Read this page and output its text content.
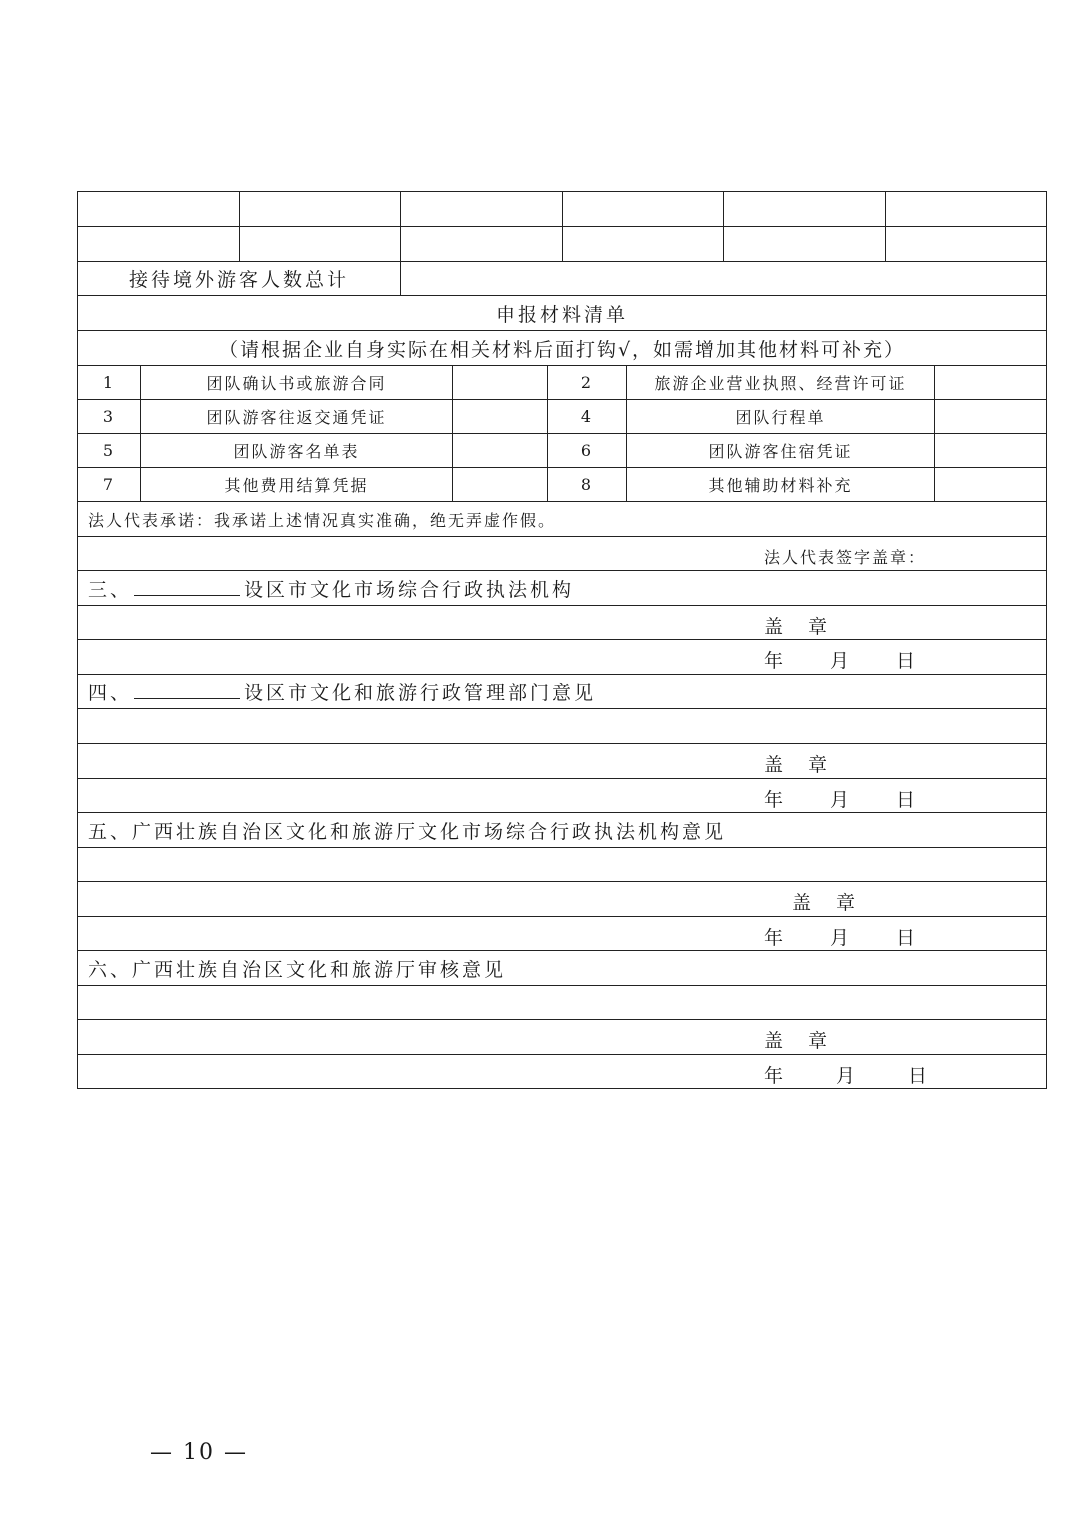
接待境外游客人数总计
申报材料清单
（请根据企业自身实际在相关材料后面打钩√，如需增加其他材料可补充）
1	团队确认书或旅游合同	2	旅游企业营业执照、经营许可证
3	团队游客往返交通凭证	4	团队行程单
5	团队游客名单表	6	团队游客住宿凭证
7	其他费用结算凭据	8	其他辅助材料补充
法人代表承诺：我承诺上述情况真实准确，绝无弄虚作假。
法人代表签字盖章：
三、	设区市文化市场综合行政执法机构
盖　章
年　　月　　日
四、	设区市文化和旅游行政管理部门意见
盖　章
年　　月　　日
五、广西壮族自治区文化和旅游厅文化市场综合行政执法机构意见
盖　章
年　　月　　日
六、广西壮族自治区文化和旅游厅审核意见
盖　章
年　　月　　日
— 10 —
